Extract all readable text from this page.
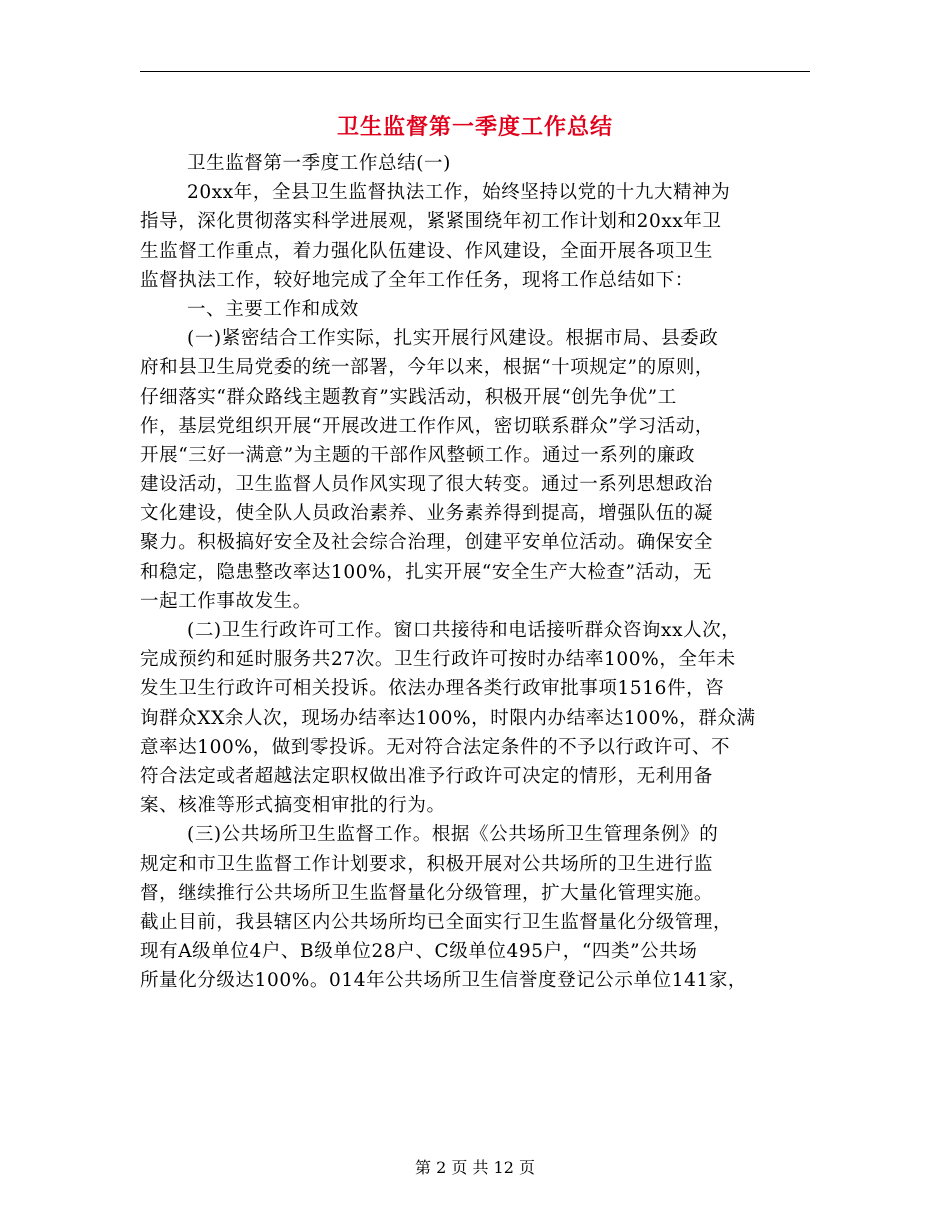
卫生监督第一季度工作总结
卫生监督第一季度工作总结(一)
20xx年，全县卫生监督执法工作，始终坚持以党的十九大精神为
指导，深化贯彻落实科学进展观，紧紧围绕年初工作计划和20xx年卫
生监督工作重点，着力强化队伍建设、作风建设，全面开展各项卫生
监督执法工作，较好地完成了全年工作任务，现将工作总结如下：
一、主要工作和成效
(一)紧密结合工作实际，扎实开展行风建设。根据市局、县委政
府和县卫生局党委的统一部署，今年以来，根据“十项规定”的原则，
仔细落实“群众路线主题教育”实践活动，积极开展“创先争优”工
作，基层党组织开展“开展改进工作作风，密切联系群众”学习活动，
开展“三好一满意”为主题的干部作风整顿工作。通过一系列的廉政
建设活动，卫生监督人员作风实现了很大转变。通过一系列思想政治
文化建设，使全队人员政治素养、业务素养得到提高，增强队伍的凝
聚力。积极搞好安全及社会综合治理，创建平安单位活动。确保安全
和稳定，隐患整改率达100%，扎实开展“安全生产大检查”活动，无
一起工作事故发生。
(二)卫生行政许可工作。窗口共接待和电话接听群众咨询xx人次，
完成预约和延时服务共27次。卫生行政许可按时办结率100%，全年未
发生卫生行政许可相关投诉。依法办理各类行政审批事项1516件，咨
询群众XX余人次，现场办结率达100%，时限内办结率达100%，群众满
意率达100%，做到零投诉。无对符合法定条件的不予以行政许可、不
符合法定或者超越法定职权做出准予行政许可决定的情形，无利用备
案、核准等形式搞变相审批的行为。
(三)公共场所卫生监督工作。根据《公共场所卫生管理条例》的
规定和市卫生监督工作计划要求，积极开展对公共场所的卫生进行监
督，继续推行公共场所卫生监督量化分级管理，扩大量化管理实施。
截止目前，我县辖区内公共场所均已全面实行卫生监督量化分级管理，
现有A级单位4户、B级单位28户、C级单位495户，“四类”公共场
所量化分级达100%。014年公共场所卫生信誉度登记公示单位141家，
第 2 页 共 12 页
